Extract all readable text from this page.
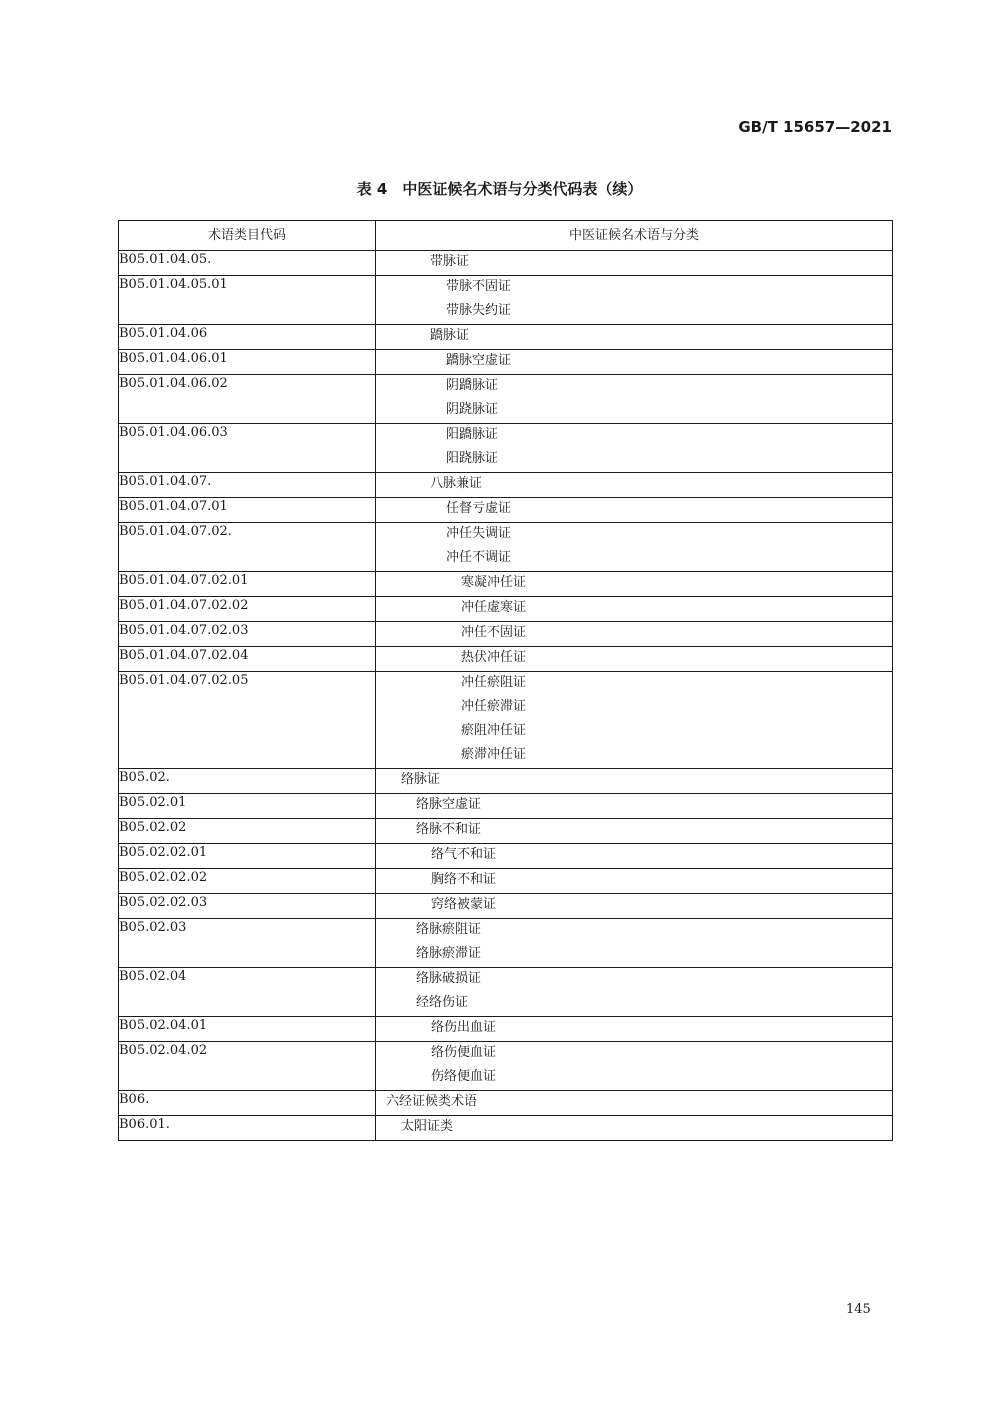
GB/T 15657—2021
表 4　中医证候名术语与分类代码表（续）
术语类目代码	中医证候名术语与分类
B05.01.04.05.	带脉证

B05.01.04.05.01	带脉不固证
带脉失约证

B05.01.04.06	蹻脉证

B05.01.04.06.01	蹻脉空虚证

B05.01.04.06.02	阴蹻脉证
阴跷脉证

B05.01.04.06.03	阳蹻脉证
阳跷脉证

B05.01.04.07.	八脉兼证

B05.01.04.07.01	任督亏虚证

B05.01.04.07.02.	冲任失调证
冲任不调证

B05.01.04.07.02.01	寒凝冲任证

B05.01.04.07.02.02	冲任虚寒证

B05.01.04.07.02.03	冲任不固证

B05.01.04.07.02.04	热伏冲任证

B05.01.04.07.02.05	冲任瘀阻证
冲任瘀滞证
瘀阻冲任证
瘀滞冲任证

B05.02.	络脉证

B05.02.01	络脉空虚证

B05.02.02	络脉不和证

B05.02.02.01	络气不和证

B05.02.02.02	胸络不和证

B05.02.02.03	窍络被蒙证

B05.02.03	络脉瘀阻证
络脉瘀滞证

B05.02.04	络脉破损证
经络伤证

B05.02.04.01	络伤出血证

B05.02.04.02	络伤便血证
伤络便血证

B06.	六经证候类术语

B06.01.	太阳证类
145
